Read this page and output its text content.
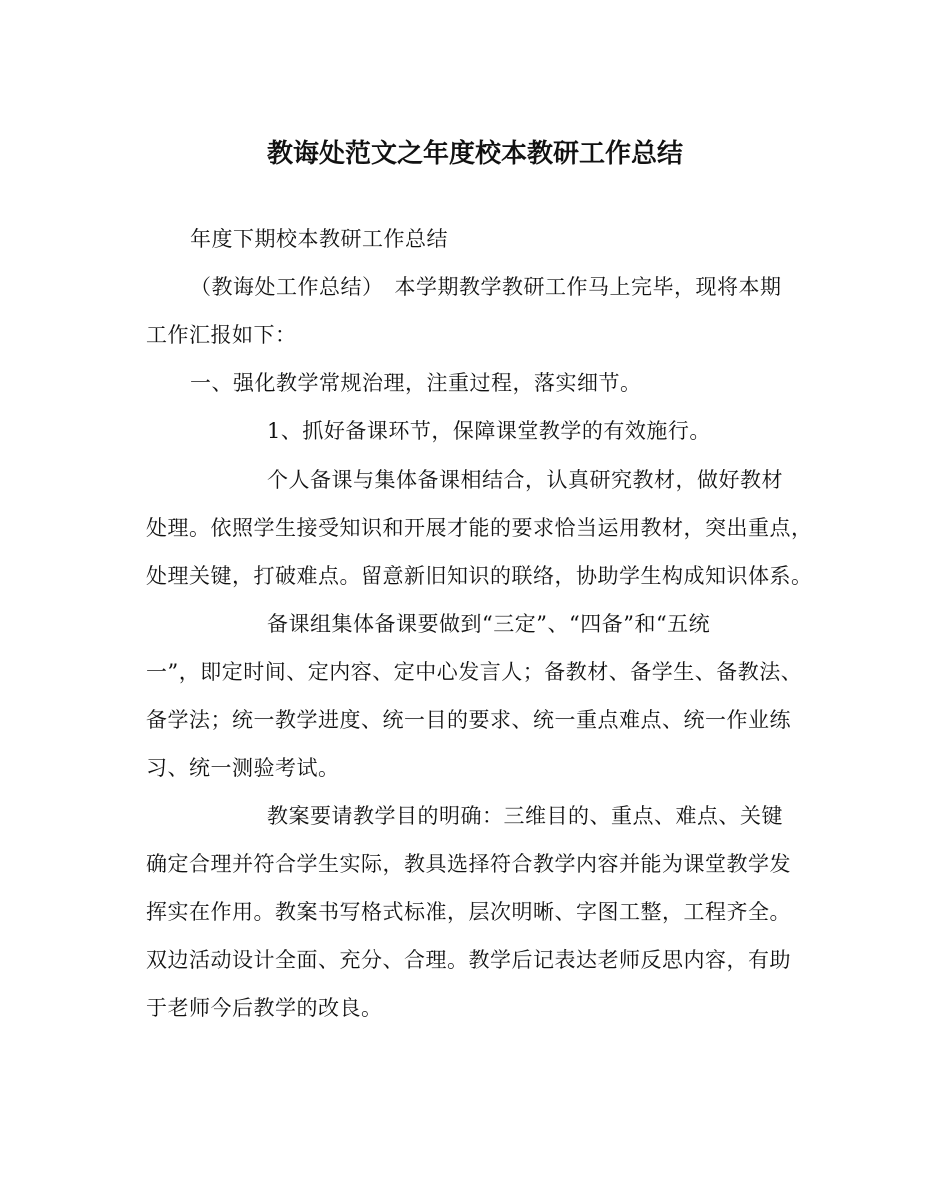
教诲处范文之年度校本教研工作总结
年度下期校本教研工作总结
（教诲处工作总结）　本学期教学教研工作马上完毕，现将本期
工作汇报如下：
一、强化教学常规治理，注重过程，落实细节。
1、抓好备课环节，保障课堂教学的有效施行。
个人备课与集体备课相结合，认真研究教材，做好教材
处理。依照学生接受知识和开展才能的要求恰当运用教材，突出重点，
处理关键，打破难点。留意新旧知识的联络，协助学生构成知识体系。
备课组集体备课要做到“三定”、“四备”和“五统
一”，即定时间、定内容、定中心发言人；备教材、备学生、备教法、
备学法；统一教学进度、统一目的要求、统一重点难点、统一作业练
习、统一测验考试。
教案要请教学目的明确：三维目的、重点、难点、关键
确定合理并符合学生实际，教具选择符合教学内容并能为课堂教学发
挥实在作用。教案书写格式标准，层次明晰、字图工整，工程齐全。
双边活动设计全面、充分、合理。教学后记表达老师反思内容，有助
于老师今后教学的改良。
